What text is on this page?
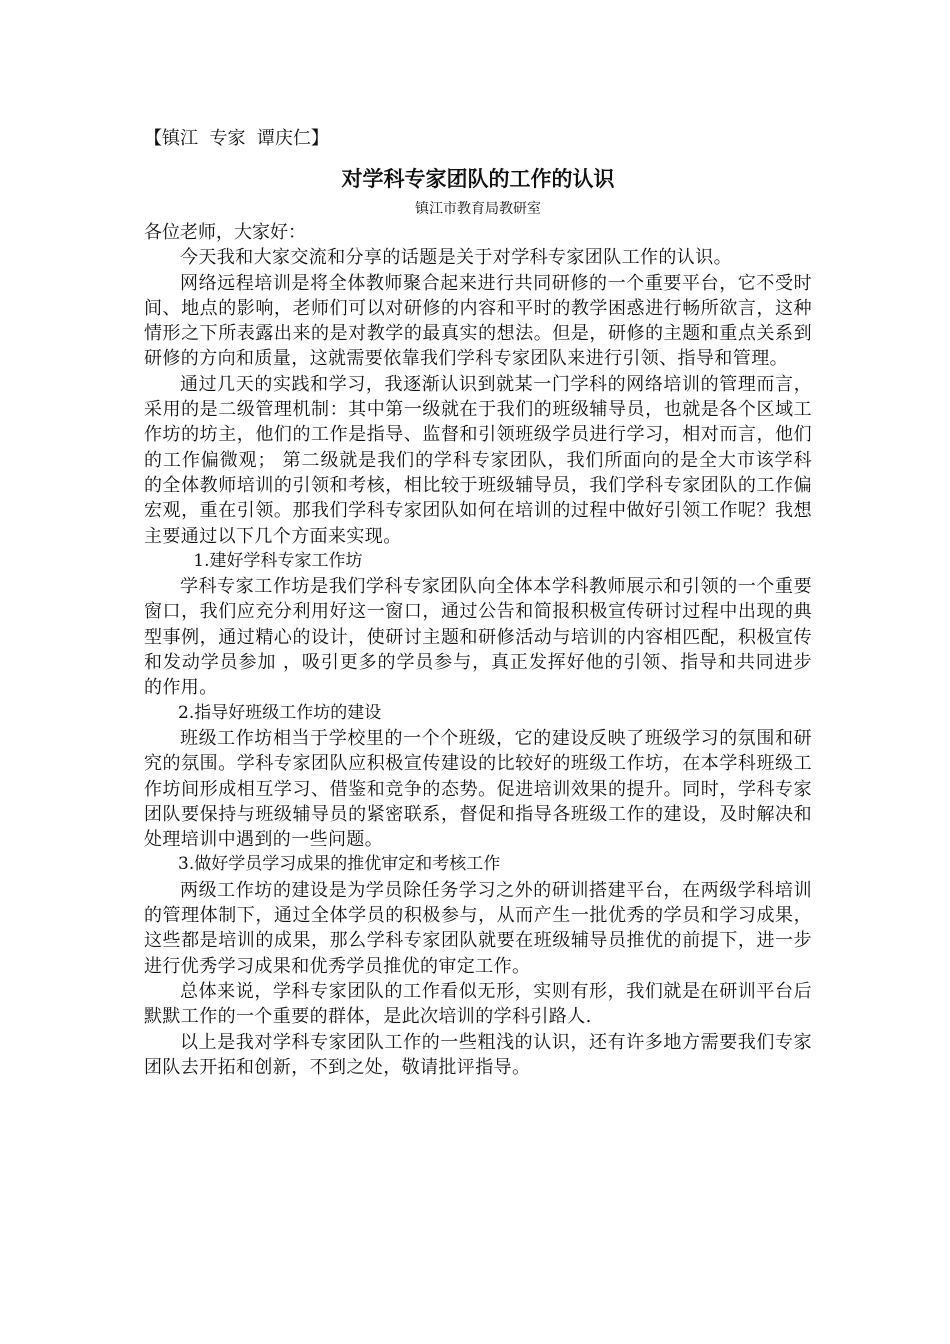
【镇江  专家  谭庆仁】

对学科专家团队的工作的认识

镇江市教育局教研室

各位老师，大家好：

今天我和大家交流和分享的话题是关于对学科专家团队工作的认识。

网络远程培训是将全体教师聚合起来进行共同研修的一个重要平台，它不受时间、地点的影响，老师们可以对研修的内容和平时的教学困惑进行畅所欲言，这种情形之下所表露出来的是对教学的最真实的想法。但是，研修的主题和重点关系到研修的方向和质量，这就需要依靠我们学科专家团队来进行引领、指导和管理。

通过几天的实践和学习，我逐渐认识到就某一门学科的网络培训的管理而言，采用的是二级管理机制：其中第一级就在于我们的班级辅导员，也就是各个区域工作坊的坊主，他们的工作是指导、监督和引领班级学员进行学习，相对而言，他们的工作偏微观； 第二级就是我们的学科专家团队，我们所面向的是全大市该学科的全体教师培训的引领和考核，相比较于班级辅导员，我们学科专家团队的工作偏宏观，重在引领。那我们学科专家团队如何在培训的过程中做好引领工作呢？我想主要通过以下几个方面来实现。

1.建好学科专家工作坊

学科专家工作坊是我们学科专家团队向全体本学科教师展示和引领的一个重要窗口，我们应充分利用好这一窗口，通过公告和简报积极宣传研讨过程中出现的典型事例，通过精心的设计，使研讨主题和研修活动与培训的内容相匹配，积极宣传和发动学员参加 ，吸引更多的学员参与，真正发挥好他的引领、指导和共同进步的作用。

2.指导好班级工作坊的建设

班级工作坊相当于学校里的一个个班级，它的建设反映了班级学习的氛围和研究的氛围。学科专家团队应积极宣传建设的比较好的班级工作坊，在本学科班级工作坊间形成相互学习、借鉴和竞争的态势。促进培训效果的提升。同时，学科专家团队要保持与班级辅导员的紧密联系，督促和指导各班级工作的建设，及时解决和处理培训中遇到的一些问题。

3.做好学员学习成果的推优审定和考核工作

两级工作坊的建设是为学员除任务学习之外的研训搭建平台，在两级学科培训的管理体制下，通过全体学员的积极参与，从而产生一批优秀的学员和学习成果，这些都是培训的成果，那么学科专家团队就要在班级辅导员推优的前提下，进一步进行优秀学习成果和优秀学员推优的审定工作。

总体来说，学科专家团队的工作看似无形，实则有形，我们就是在研训平台后默默工作的一个重要的群体，是此次培训的学科引路人.

以上是我对学科专家团队工作的一些粗浅的认识，还有许多地方需要我们专家团队去开拓和创新，不到之处，敬请批评指导。
